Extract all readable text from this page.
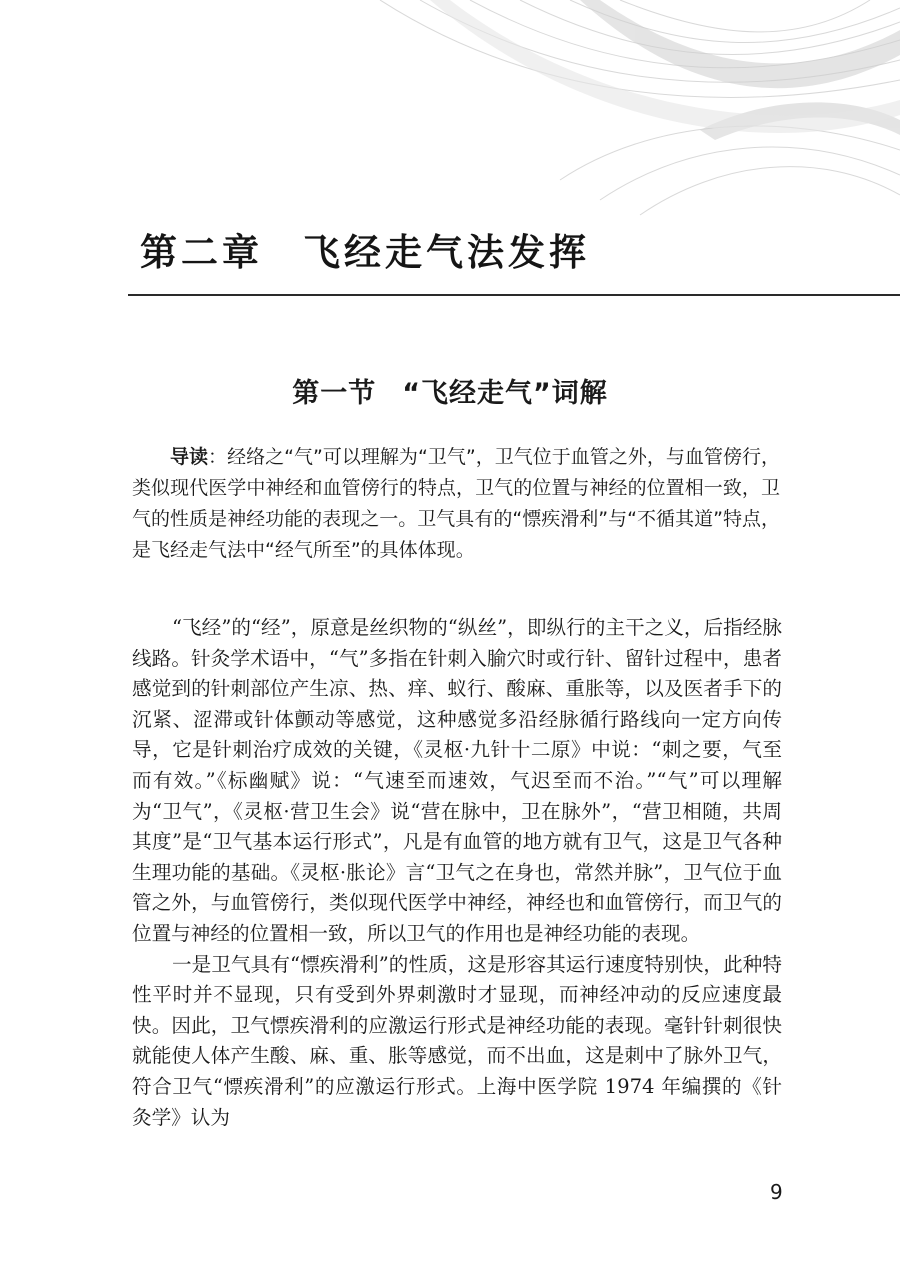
第二章 飞经走气法发挥
第一节 “飞经走气”词解

导读：经络之“气”可以理解为“卫气”，卫气位于血管之外，与血管傍行，类似现代医学中神经和血管傍行的特点，卫气的位置与神经的位置相一致，卫气的性质是神经功能的表现之一。卫气具有的“慓疾滑利”与“不循其道”特点，是飞经走气法中“经气所至”的具体体现。

“飞经”的“经”，原意是丝织物的“纵丝”，即纵行的主干之义，后指经脉线路。针灸学术语中，“气”多指在针刺入腧穴时或行针、留针过程中，患者感觉到的针刺部位产生凉、热、痒、蚁行、酸麻、重胀等，以及医者手下的沉紧、涩滞或针体颤动等感觉，这种感觉多沿经脉循行路线向一定方向传导，它是针刺治疗成效的关键，《灵枢·九针十二原》中说：“刺之要，气至而有效。”《标幽赋》说：“气速至而速效，气迟至而不治。”“气”可以理解为“卫气”，《灵枢·营卫生会》说“营在脉中，卫在脉外”，“营卫相随，共周其度”是“卫气基本运行形式”，凡是有血管的地方就有卫气，这是卫气各种生理功能的基础。《灵枢·胀论》言“卫气之在身也，常然并脉”，卫气位于血管之外，与血管傍行，类似现代医学中神经，神经也和血管傍行，而卫气的位置与神经的位置相一致，所以卫气的作用也是神经功能的表现。

一是卫气具有“慓疾滑利”的性质，这是形容其运行速度特别快，此种特性平时并不显现，只有受到外界刺激时才显现，而神经冲动的反应速度最快。因此，卫气慓疾滑利的应激运行形式是神经功能的表现。毫针针刺很快就能使人体产生酸、麻、重、胀等感觉，而不出血，这是刺中了脉外卫气，符合卫气“慓疾滑利”的应激运行形式。上海中医学院 1974 年编撰的《针灸学》认为

9
